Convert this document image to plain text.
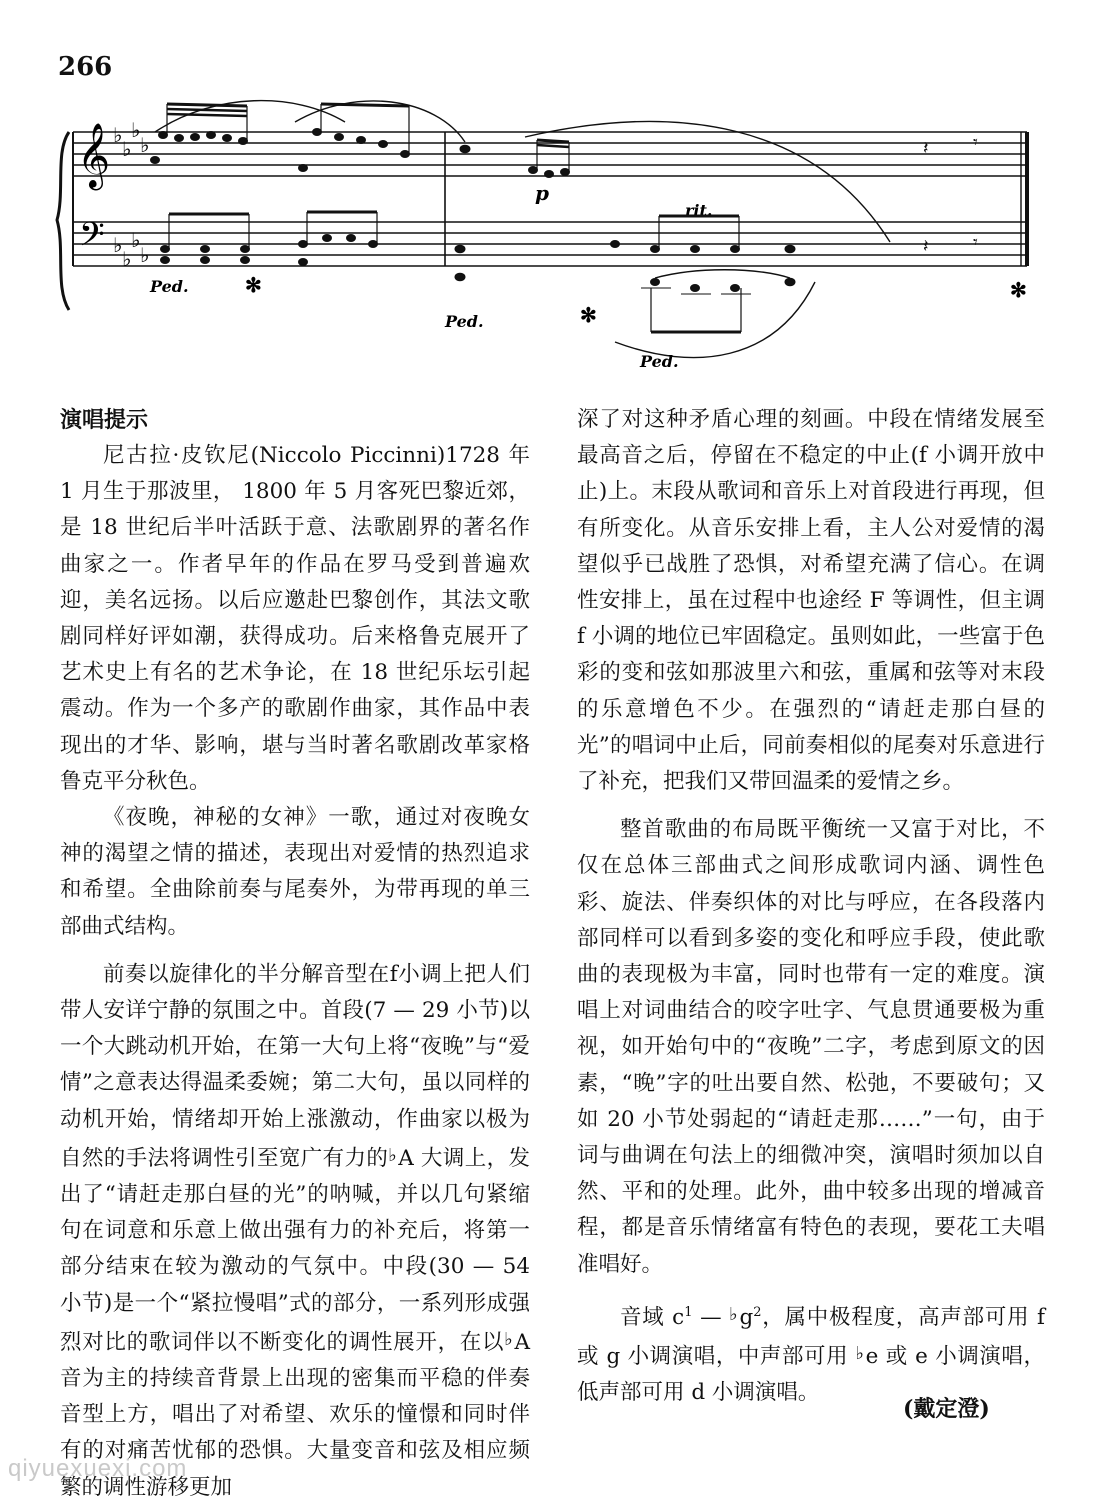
266
𝄞
𝄢
♭
♭
♭
♭
♭
♭
♭
♭
𝄽 𝄾
p
rit.
𝄽 𝄾
Ped.	✻
Ped.	✻
Ped.
✻

演唱提示

尼古拉·皮钦尼(Niccolo Piccinni)1728 年 1 月生于那波里， 1800 年 5 月客死巴黎近郊，是 18 世纪后半叶活跃于意、法歌剧界的著名作曲家之一。作者早年的作品在罗马受到普遍欢迎，美名远扬。以后应邀赴巴黎创作，其法文歌剧同样好评如潮，获得成功。后来格鲁克展开了艺术史上有名的艺术争论，在 18 世纪乐坛引起震动。作为一个多产的歌剧作曲家，其作品中表现出的才华、影响，堪与当时著名歌剧改革家格鲁克平分秋色。

《夜晚，神秘的女神》一歌，通过对夜晚女神的渴望之情的描述，表现出对爱情的热烈追求和希望。全曲除前奏与尾奏外，为带再现的单三部曲式结构。

前奏以旋律化的半分解音型在f小调上把人们带人安详宁静的氛围之中。首段(7 — 29 小节)以一个大跳动机开始，在第一大句上将“夜晚”与“爱情”之意表达得温柔委婉；第二大句，虽以同样的动机开始，情绪却开始上涨激动，作曲家以极为自然的手法将调性引至宽广有力的♭A 大调上，发出了“请赶走那白昼的光”的呐喊，并以几句紧缩句在词意和乐意上做出强有力的补充后，将第一部分结束在较为激动的气氛中。中段(30 — 54 小节)是一个“紧拉慢唱”式的部分，一系列形成强烈对比的歌词伴以不断变化的调性展开，在以♭A 音为主的持续音背景上出现的密集而平稳的伴奏音型上方，唱出了对希望、欢乐的憧憬和同时伴有的对痛苦忧郁的恐惧。大量变音和弦及相应频繁的调性游移更加

深了对这种矛盾心理的刻画。中段在情绪发展至最高音之后，停留在不稳定的中止(f 小调开放中止)上。末段从歌词和音乐上对首段进行再现，但有所变化。从音乐安排上看，主人公对爱情的渴望似乎已战胜了恐惧，对希望充满了信心。在调性安排上，虽在过程中也途经 F 等调性，但主调 f 小调的地位已牢固稳定。虽则如此，一些富于色彩的变和弦如那波里六和弦，重属和弦等对末段的乐意增色不少。在强烈的“请赶走那白昼的光”的唱词中止后，同前奏相似的尾奏对乐意进行了补充，把我们又带回温柔的爱情之乡。

整首歌曲的布局既平衡统一又富于对比，不仅在总体三部曲式之间形成歌词内涵、调性色彩、旋法、伴奏织体的对比与呼应，在各段落内部同样可以看到多姿的变化和呼应手段，使此歌曲的表现极为丰富，同时也带有一定的难度。演唱上对词曲结合的咬字吐字、气息贯通要极为重视，如开始句中的“夜晚”二字，考虑到原文的因素，“晚”字的吐出要自然、松弛，不要破句；又如 20 小节处弱起的“请赶走那……”一句，由于词与曲调在句法上的细微冲突，演唱时须加以自然、平和的处理。此外，曲中较多出现的增减音程，都是音乐情绪富有特色的表现，要花工夫唱准唱好。

音域 $c^1$ — $♭g^2$，属中极程度，高声部可用 f 或 g 小调演唱，中声部可用 ♭e 或 e 小调演唱，低声部可用 d 小调演唱。

(戴定澄)
qiyuexuexi.com
